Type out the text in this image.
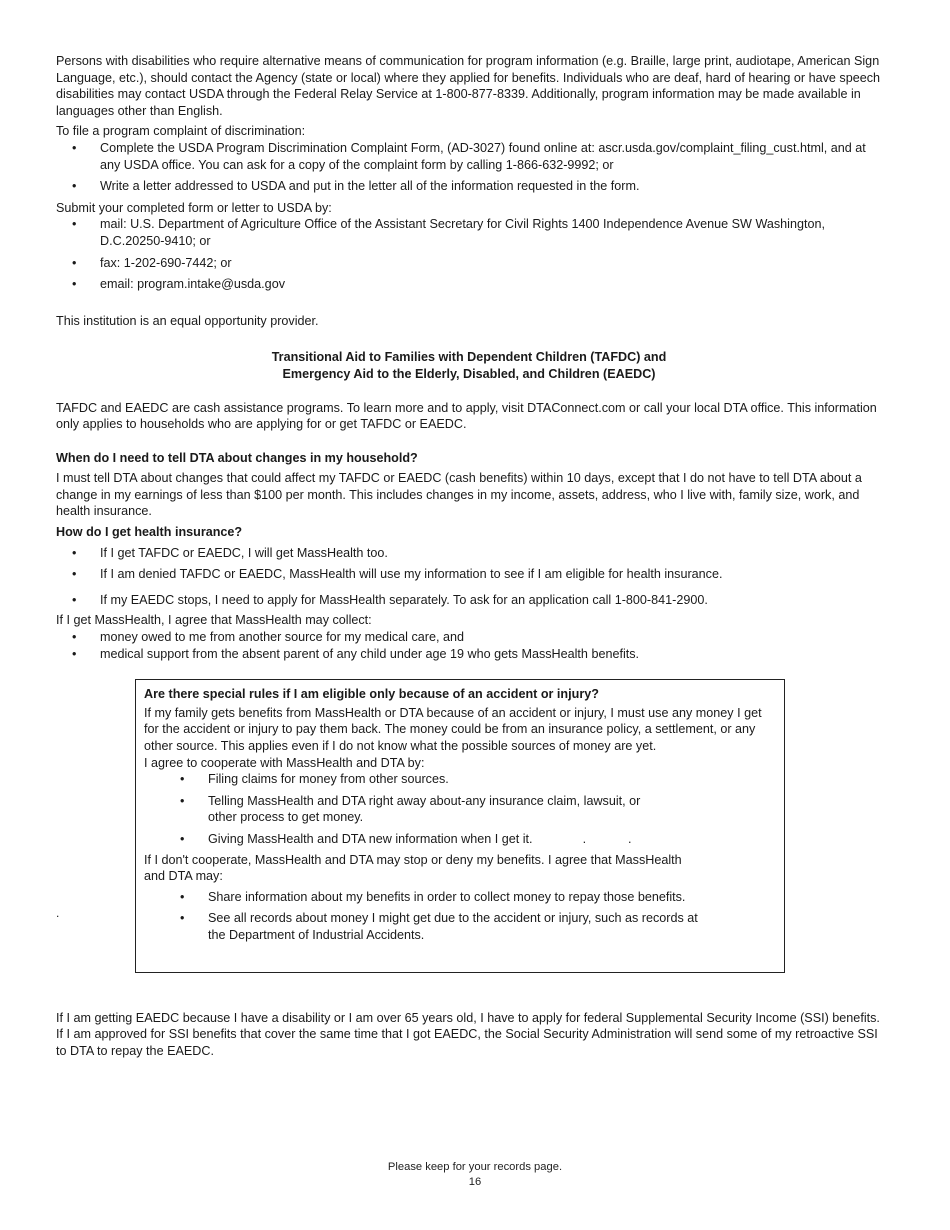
Persons with disabilities who require alternative means of communication for program information (e.g. Braille, large print, audiotape, American Sign Language, etc.), should contact the Agency (state or local) where they applied for benefits. Individuals who are deaf, hard of hearing or have speech disabilities may contact USDA through the Federal Relay Service at 1-800-877-8339. Additionally, program information may be made available in languages other than English.

To file a program complaint of discrimination:

• Complete the USDA Program Discrimination Complaint Form, (AD-3027) found online at: ascr.usda.gov/complaint_filing_cust.html, and at any USDA office. You can ask for a copy of the complaint form by calling 1-866-632-9992; or
• Write a letter addressed to USDA and put in the letter all of the information requested in the form.

Submit your completed form or letter to USDA by:

• mail: U.S. Department of Agriculture Office of the Assistant Secretary for Civil Rights 1400 Independence Avenue SW Washington, D.C.20250-9410; or
• fax: 1-202-690-7442; or
• email: program.intake@usda.gov

This institution is an equal opportunity provider.

Transitional Aid to Families with Dependent Children (TAFDC) and
Emergency Aid to the Elderly, Disabled, and Children (EAEDC)

TAFDC and EAEDC are cash assistance programs. To learn more and to apply, visit DTAConnect.com or call your local DTA office. This information only applies to households who are applying for or get TAFDC or EAEDC.

When do I need to tell DTA about changes in my household?

I must tell DTA about changes that could affect my TAFDC or EAEDC (cash benefits) within 10 days, except that I do not have to tell DTA about a change in my earnings of less than $100 per month. This includes changes in my income, assets, address, who I live with, family size, work, and health insurance.

How do I get health insurance?

• If I get TAFDC or EAEDC, I will get MassHealth too.
• If I am denied TAFDC or EAEDC, MassHealth will use my information to see if I am eligible for health insurance.
• If my EAEDC stops, I need to apply for MassHealth separately. To ask for an application call 1-800-841-2900.

If I get MassHealth, I agree that MassHealth may collect:

• money owed to me from another source for my medical care, and
• medical support from the absent parent of any child under age 19 who gets MassHealth benefits.

Are there special rules if I am eligible only because of an accident or injury?

If my family gets benefits from MassHealth or DTA because of an accident or injury, I must use any money I get for the accident or injury to pay them back. The money could be from an insurance policy, a settlement, or any other source. This applies even if I do not know what the possible sources of money are yet.

I agree to cooperate with MassHealth and DTA by:

• Filing claims for money from other sources.
• Telling MassHealth and DTA right away about-any insurance claim, lawsuit, or other process to get money.
• Giving MassHealth and DTA new information when I get it.	.            .

If I don't cooperate, MassHealth and DTA may stop or deny my benefits. I agree that MassHealth and DTA may:

• Share information about my benefits in order to collect money to repay those benefits.
• See all records about money I might get due to the accident or injury, such as records at the Department of Industrial Accidents.

If I am getting EAEDC because I have a disability or I am over 65 years old, I have to apply for federal Supplemental Security Income (SSI) benefits. If I am approved for SSI benefits that cover the same time that I got EAEDC, the Social Security Administration will send some of my retroactive SSI to DTA to repay the EAEDC.

.
Please keep for your records page.
16
